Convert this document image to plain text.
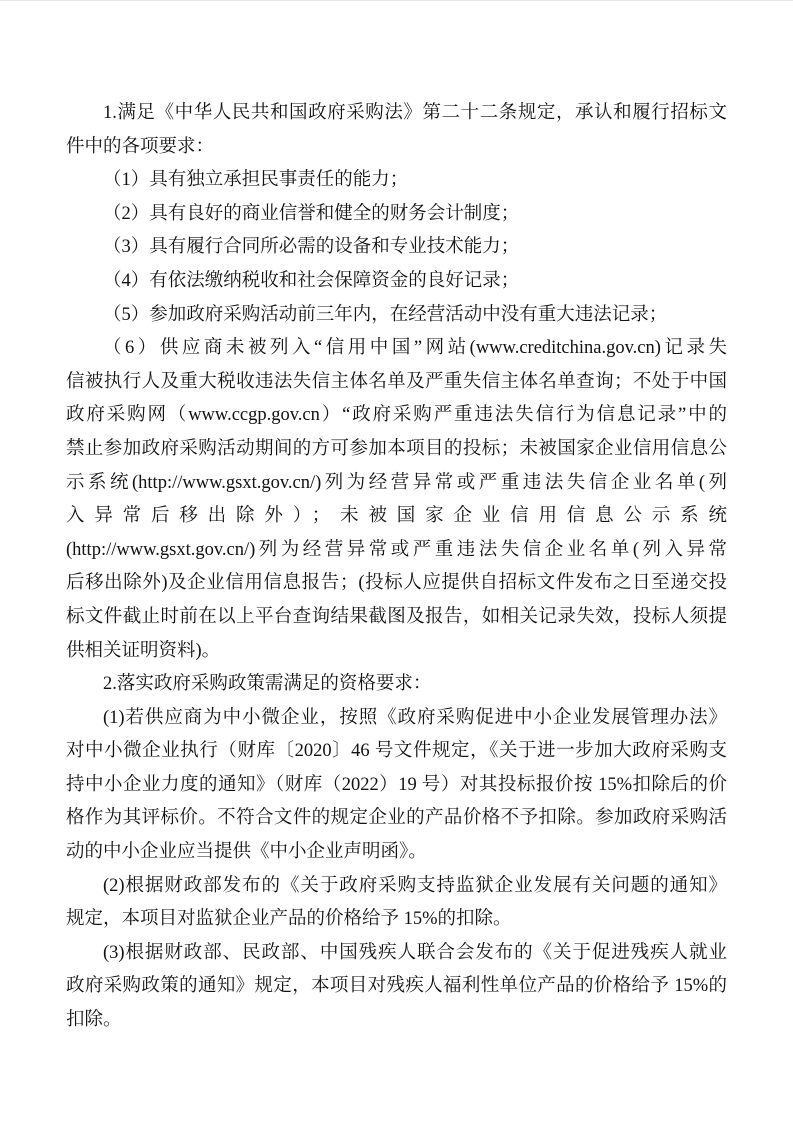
1.满足《中华人民共和国政府采购法》第二十二条规定，承认和履行招标文
件中的各项要求：
（1）具有独立承担民事责任的能力；
（2）具有良好的商业信誉和健全的财务会计制度；
（3）具有履行合同所必需的设备和专业技术能力；
（4）有依法缴纳税收和社会保障资金的良好记录；
（5）参加政府采购活动前三年内，在经营活动中没有重大违法记录；
（6）供应商未被列入“信用中国”网站(www.creditchina.gov.cn)记录失
信被执行人及重大税收违法失信主体名单及严重失信主体名单查询；不处于中国
政府采购网（www.ccgp.gov.cn）“政府采购严重违法失信行为信息记录”中的
禁止参加政府采购活动期间的方可参加本项目的投标；未被国家企业信用信息公
示系统(http://www.gsxt.gov.cn/)列为经营异常或严重违法失信企业名单(列
入异常后移出除外）；未被国家企业信用信息公示系统
(http://www.gsxt.gov.cn/)列为经营异常或严重违法失信企业名单(列入异常
后移出除外)及企业信用信息报告；(投标人应提供自招标文件发布之日至递交投
标文件截止时前在以上平台查询结果截图及报告，如相关记录失效，投标人须提
供相关证明资料)。
2.落实政府采购政策需满足的资格要求：
(1)若供应商为中小微企业，按照《政府采购促进中小企业发展管理办法》
对中小微企业执行（财库〔2020〕46 号文件规定，《关于进一步加大政府采购支
持中小企业力度的通知》（财库（2022）19 号）对其投标报价按 15%扣除后的价
格作为其评标价。不符合文件的规定企业的产品价格不予扣除。参加政府采购活
动的中小企业应当提供《中小企业声明函》。
(2)根据财政部发布的《关于政府采购支持监狱企业发展有关问题的通知》
规定，本项目对监狱企业产品的价格给予 15%的扣除。
(3)根据财政部、民政部、中国残疾人联合会发布的《关于促进残疾人就业
政府采购政策的通知》规定，本项目对残疾人福利性单位产品的价格给予 15%的
扣除。
